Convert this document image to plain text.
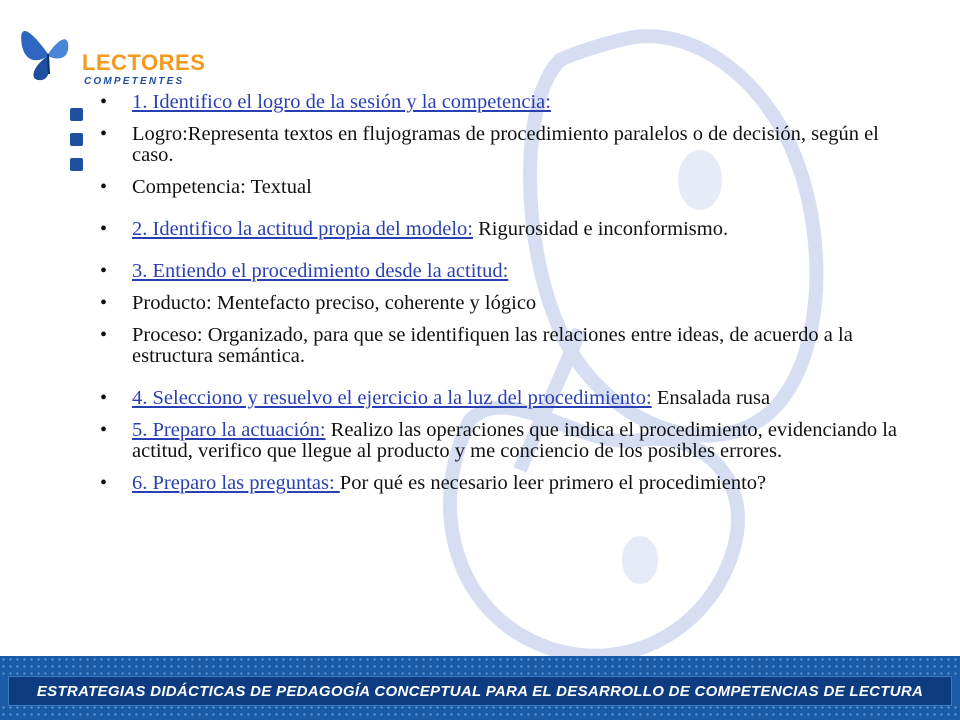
LECTORES
COMPETENTES
• 1. Identifico el logro de la sesión y la competencia:
• Logro:Representa textos en flujogramas de procedimiento paralelos o de decisión, según el caso.
• Competencia: Textual
• 2. Identifico la actitud propia del modelo: Rigurosidad e inconformismo.
• 3. Entiendo el procedimiento desde la actitud:
• Producto: Mentefacto preciso, coherente y lógico
• Proceso: Organizado, para que se identifiquen las relaciones entre ideas, de acuerdo a la estructura semántica.
• 4. Selecciono y resuelvo el ejercicio a la luz del procedimiento: Ensalada rusa
• 5. Preparo la actuación: Realizo las operaciones que indica el procedimiento, evidenciando la actitud, verifico que llegue al producto y me conciencio de los posibles errores.
• 6. Preparo las preguntas: Por qué es necesario leer primero el procedimiento?
ESTRATEGIAS DIDÁCTICAS DE PEDAGOGÍA CONCEPTUAL PARA EL DESARROLLO DE COMPETENCIAS DE LECTURA
